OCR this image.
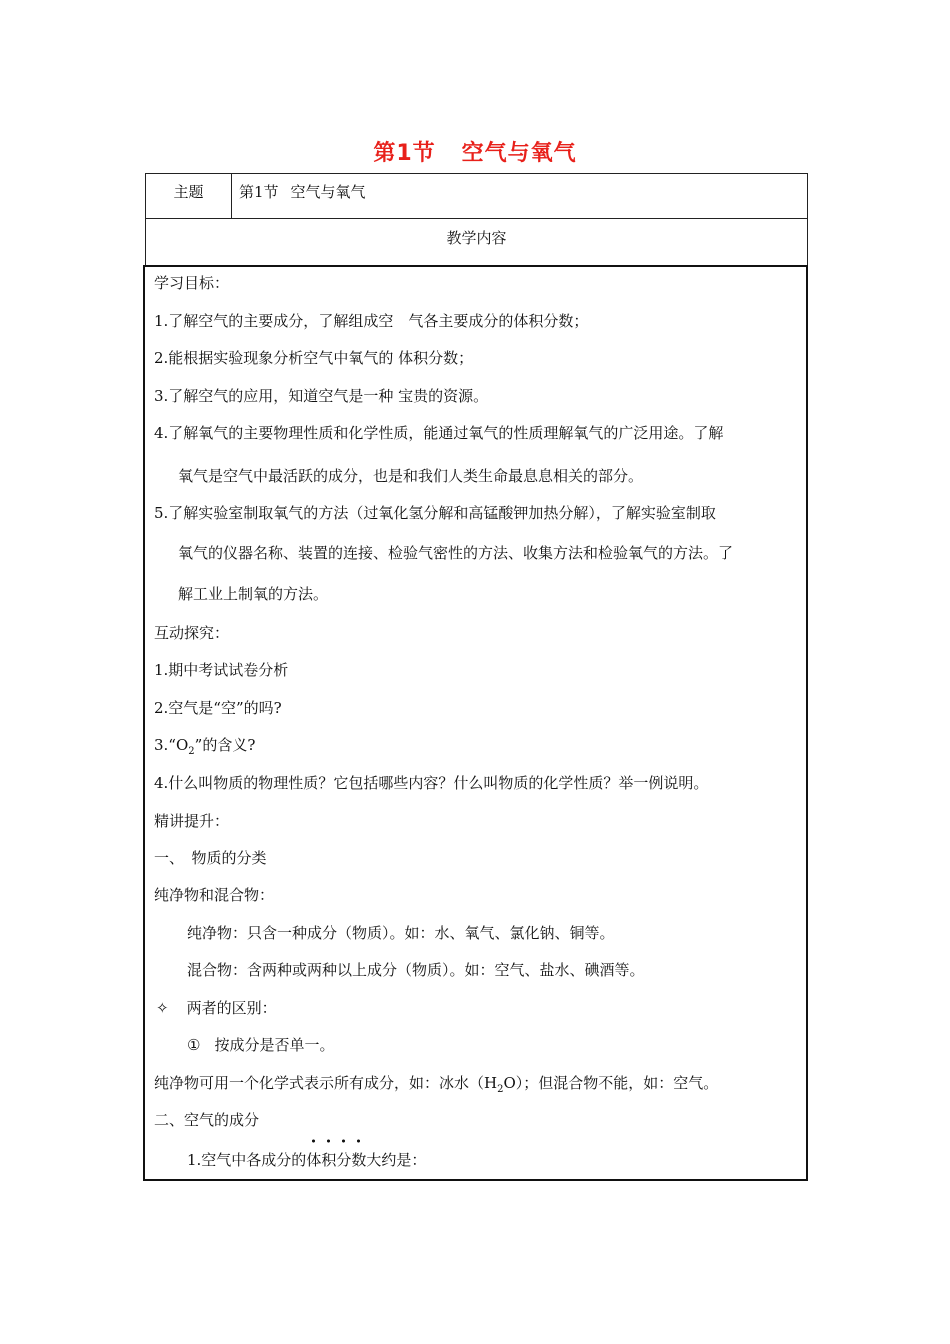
第1节 空气与氧气
主题	第1节 空气与氧气
教学内容
学习目标：
1.了解空气的主要成分，了解组成空　气各主要成分的体积分数；
2.能根据实验现象分析空气中氧气的 体积分数；
3.了解空气的应用，知道空气是一种 宝贵的资源。
4.了解氧气的主要物理性质和化学性质，能通过氧气的性质理解氧气的广泛用途。了解
氧气是空气中最活跃的成分，也是和我们人类生命最息息相关的部分。
5.了解实验室制取氧气的方法（过氧化氢分解和高锰酸钾加热分解），了解实验室制取
氧气的仪器名称、装置的连接、检验气密性的方法、收集方法和检验氧气的方法。了
解工业上制氧的方法。
互动探究：
1.期中考试试卷分析
2.空气是“空”的吗?
$3.“O_2$”的含义?
4.什么叫物质的物理性质？它包括哪些内容？什么叫物质的化学性质？举一例说明。
精讲提升：
一、　物质的分类
纯净物和混合物：
纯净物：只含一种成分（物质）。如：水、氧气、氯化钠、铜等。
混合物：含两种或两种以上成分（物质）。如：空气、盐水、碘酒等。
✧ 两者的区别：
① 按成分是否单一。
纯净物可用一个化学式表示所有成分，如：冰水$(H_2O)$；但混合物不能，如：空气。
二、空气的成分
1.空气中各成分的体积分数大约是：
